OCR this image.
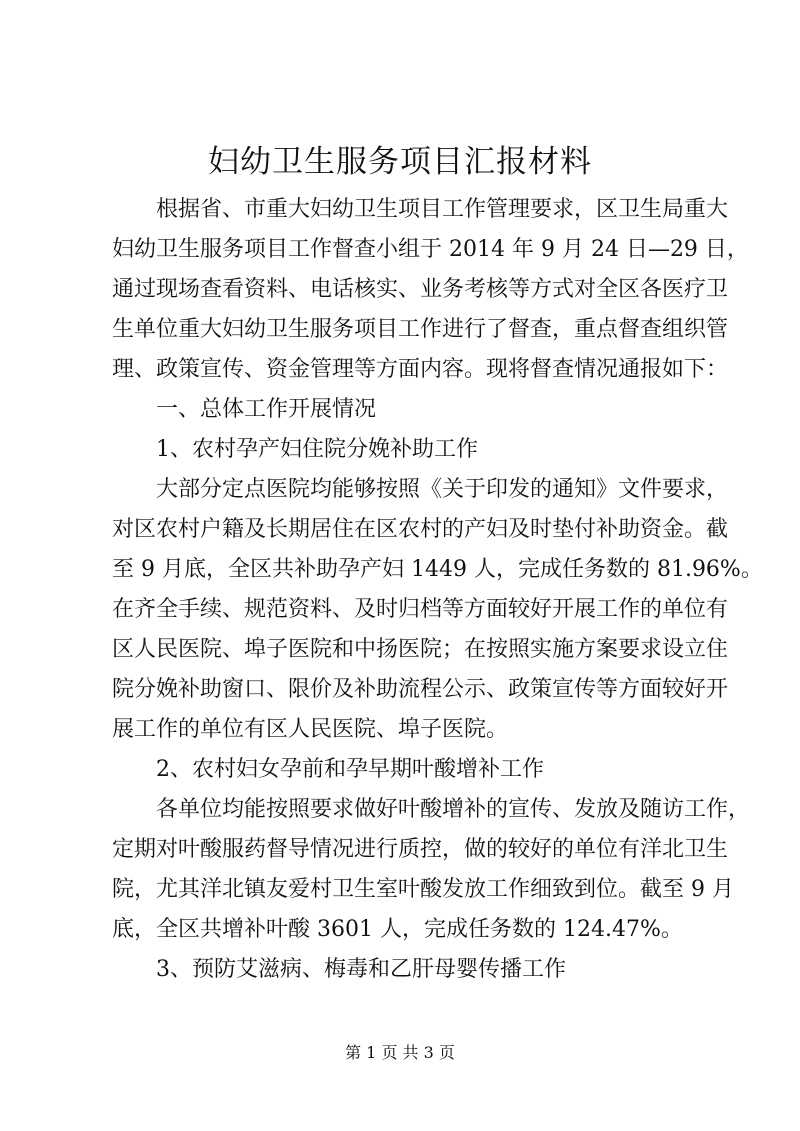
妇幼卫生服务项目汇报材料
根据省、市重大妇幼卫生项目工作管理要求，区卫生局重大
妇幼卫生服务项目工作督查小组于 2014 年 9 月 24 日—29 日，
通过现场查看资料、电话核实、业务考核等方式对全区各医疗卫
生单位重大妇幼卫生服务项目工作进行了督查，重点督查组织管
理、政策宣传、资金管理等方面内容。现将督查情况通报如下：
一、总体工作开展情况
1、农村孕产妇住院分娩补助工作
大部分定点医院均能够按照《关于印发的通知》文件要求，
对区农村户籍及长期居住在区农村的产妇及时垫付补助资金。截
至 9 月底，全区共补助孕产妇 1449 人，完成任务数的 81.96%。
在齐全手续、规范资料、及时归档等方面较好开展工作的单位有
区人民医院、埠子医院和中扬医院；在按照实施方案要求设立住
院分娩补助窗口、限价及补助流程公示、政策宣传等方面较好开
展工作的单位有区人民医院、埠子医院。
2、农村妇女孕前和孕早期叶酸增补工作
各单位均能按照要求做好叶酸增补的宣传、发放及随访工作，
定期对叶酸服药督导情况进行质控，做的较好的单位有洋北卫生
院，尤其洋北镇友爱村卫生室叶酸发放工作细致到位。截至 9 月
底，全区共增补叶酸 3601 人，完成任务数的 124.47%。
3、预防艾滋病、梅毒和乙肝母婴传播工作
第 1 页 共 3 页
